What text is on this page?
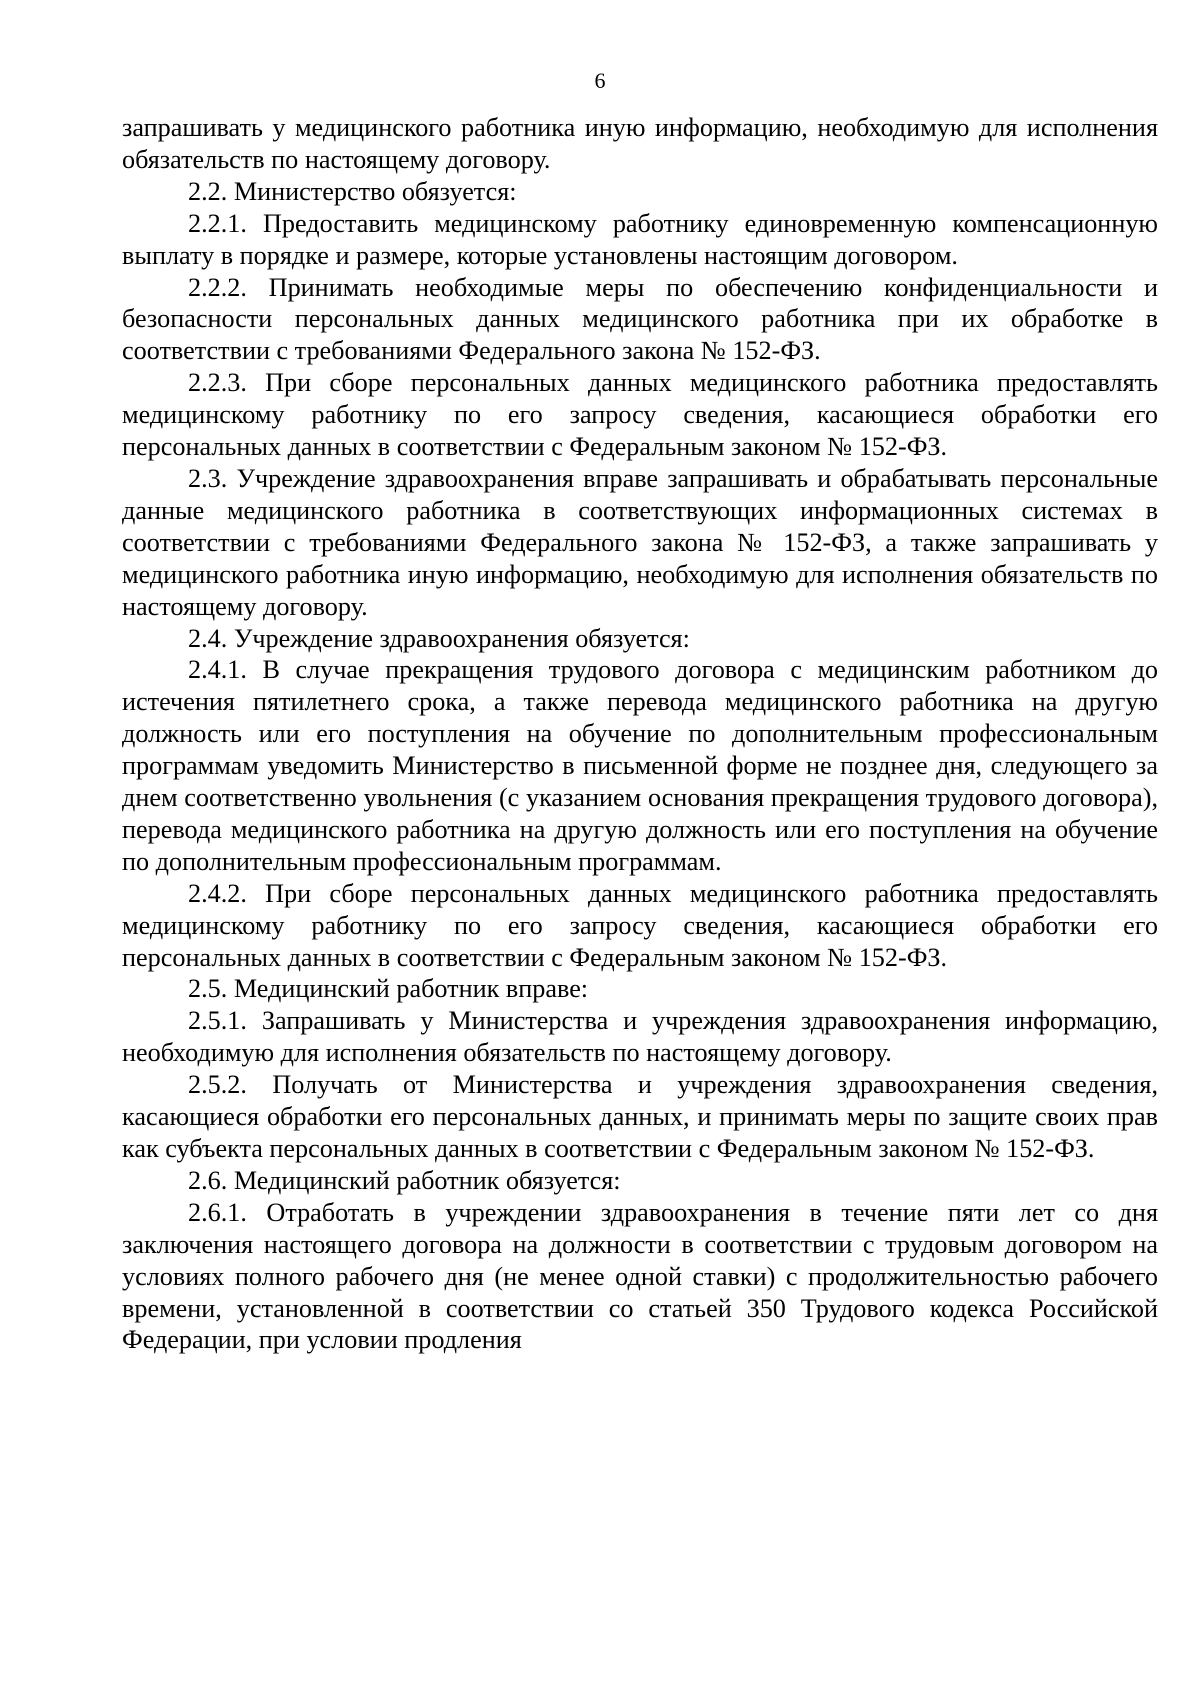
6

запрашивать у медицинского работника иную информацию, необходимую для исполнения обязательств по настоящему договору.

2.2. Министерство обязуется:

2.2.1. Предоставить медицинскому работнику единовременную компенсационную выплату в порядке и размере, которые установлены настоящим договором.

2.2.2. Принимать необходимые меры по обеспечению конфиденциальности и безопасности персональных данных медицинского работника при их обработке в соответствии с требованиями Федерального закона № 152-ФЗ.

2.2.3. При сборе персональных данных медицинского работника предоставлять медицинскому работнику по его запросу сведения, касающиеся обработки его персональных данных в соответствии с Федеральным законом № 152-ФЗ.

2.3. Учреждение здравоохранения вправе запрашивать и обрабатывать персональные данные медицинского работника в соответствующих информационных системах в соответствии с требованиями Федерального закона № 152-ФЗ, а также запрашивать у медицинского работника иную информацию, необходимую для исполнения обязательств по настоящему договору.

2.4. Учреждение здравоохранения обязуется:

2.4.1. В случае прекращения трудового договора с медицинским работником до истечения пятилетнего срока, а также перевода медицинского работника на другую должность или его поступления на обучение по дополнительным профессиональным программам уведомить Министерство в письменной форме не позднее дня, следующего за днем соответственно увольнения (с указанием основания прекращения трудового договора), перевода медицинского работника на другую должность или его поступления на обучение по дополнительным профессиональным программам.

2.4.2. При сборе персональных данных медицинского работника предоставлять медицинскому работнику по его запросу сведения, касающиеся обработки его персональных данных в соответствии с Федеральным законом № 152-ФЗ.

2.5. Медицинский работник вправе:

2.5.1. Запрашивать у Министерства и учреждения здравоохранения информацию, необходимую для исполнения обязательств по настоящему договору.

2.5.2. Получать от Министерства и учреждения здравоохранения сведения, касающиеся обработки его персональных данных, и принимать меры по защите своих прав как субъекта персональных данных в соответствии с Федеральным законом № 152-ФЗ.

2.6. Медицинский работник обязуется:

2.6.1. Отработать в учреждении здравоохранения в течение пяти лет со дня заключения настоящего договора на должности в соответствии с трудовым договором на условиях полного рабочего дня (не менее одной ставки) с продолжительностью рабочего времени, установленной в соответствии со статьей 350 Трудового кодекса Российской Федерации, при условии продления
